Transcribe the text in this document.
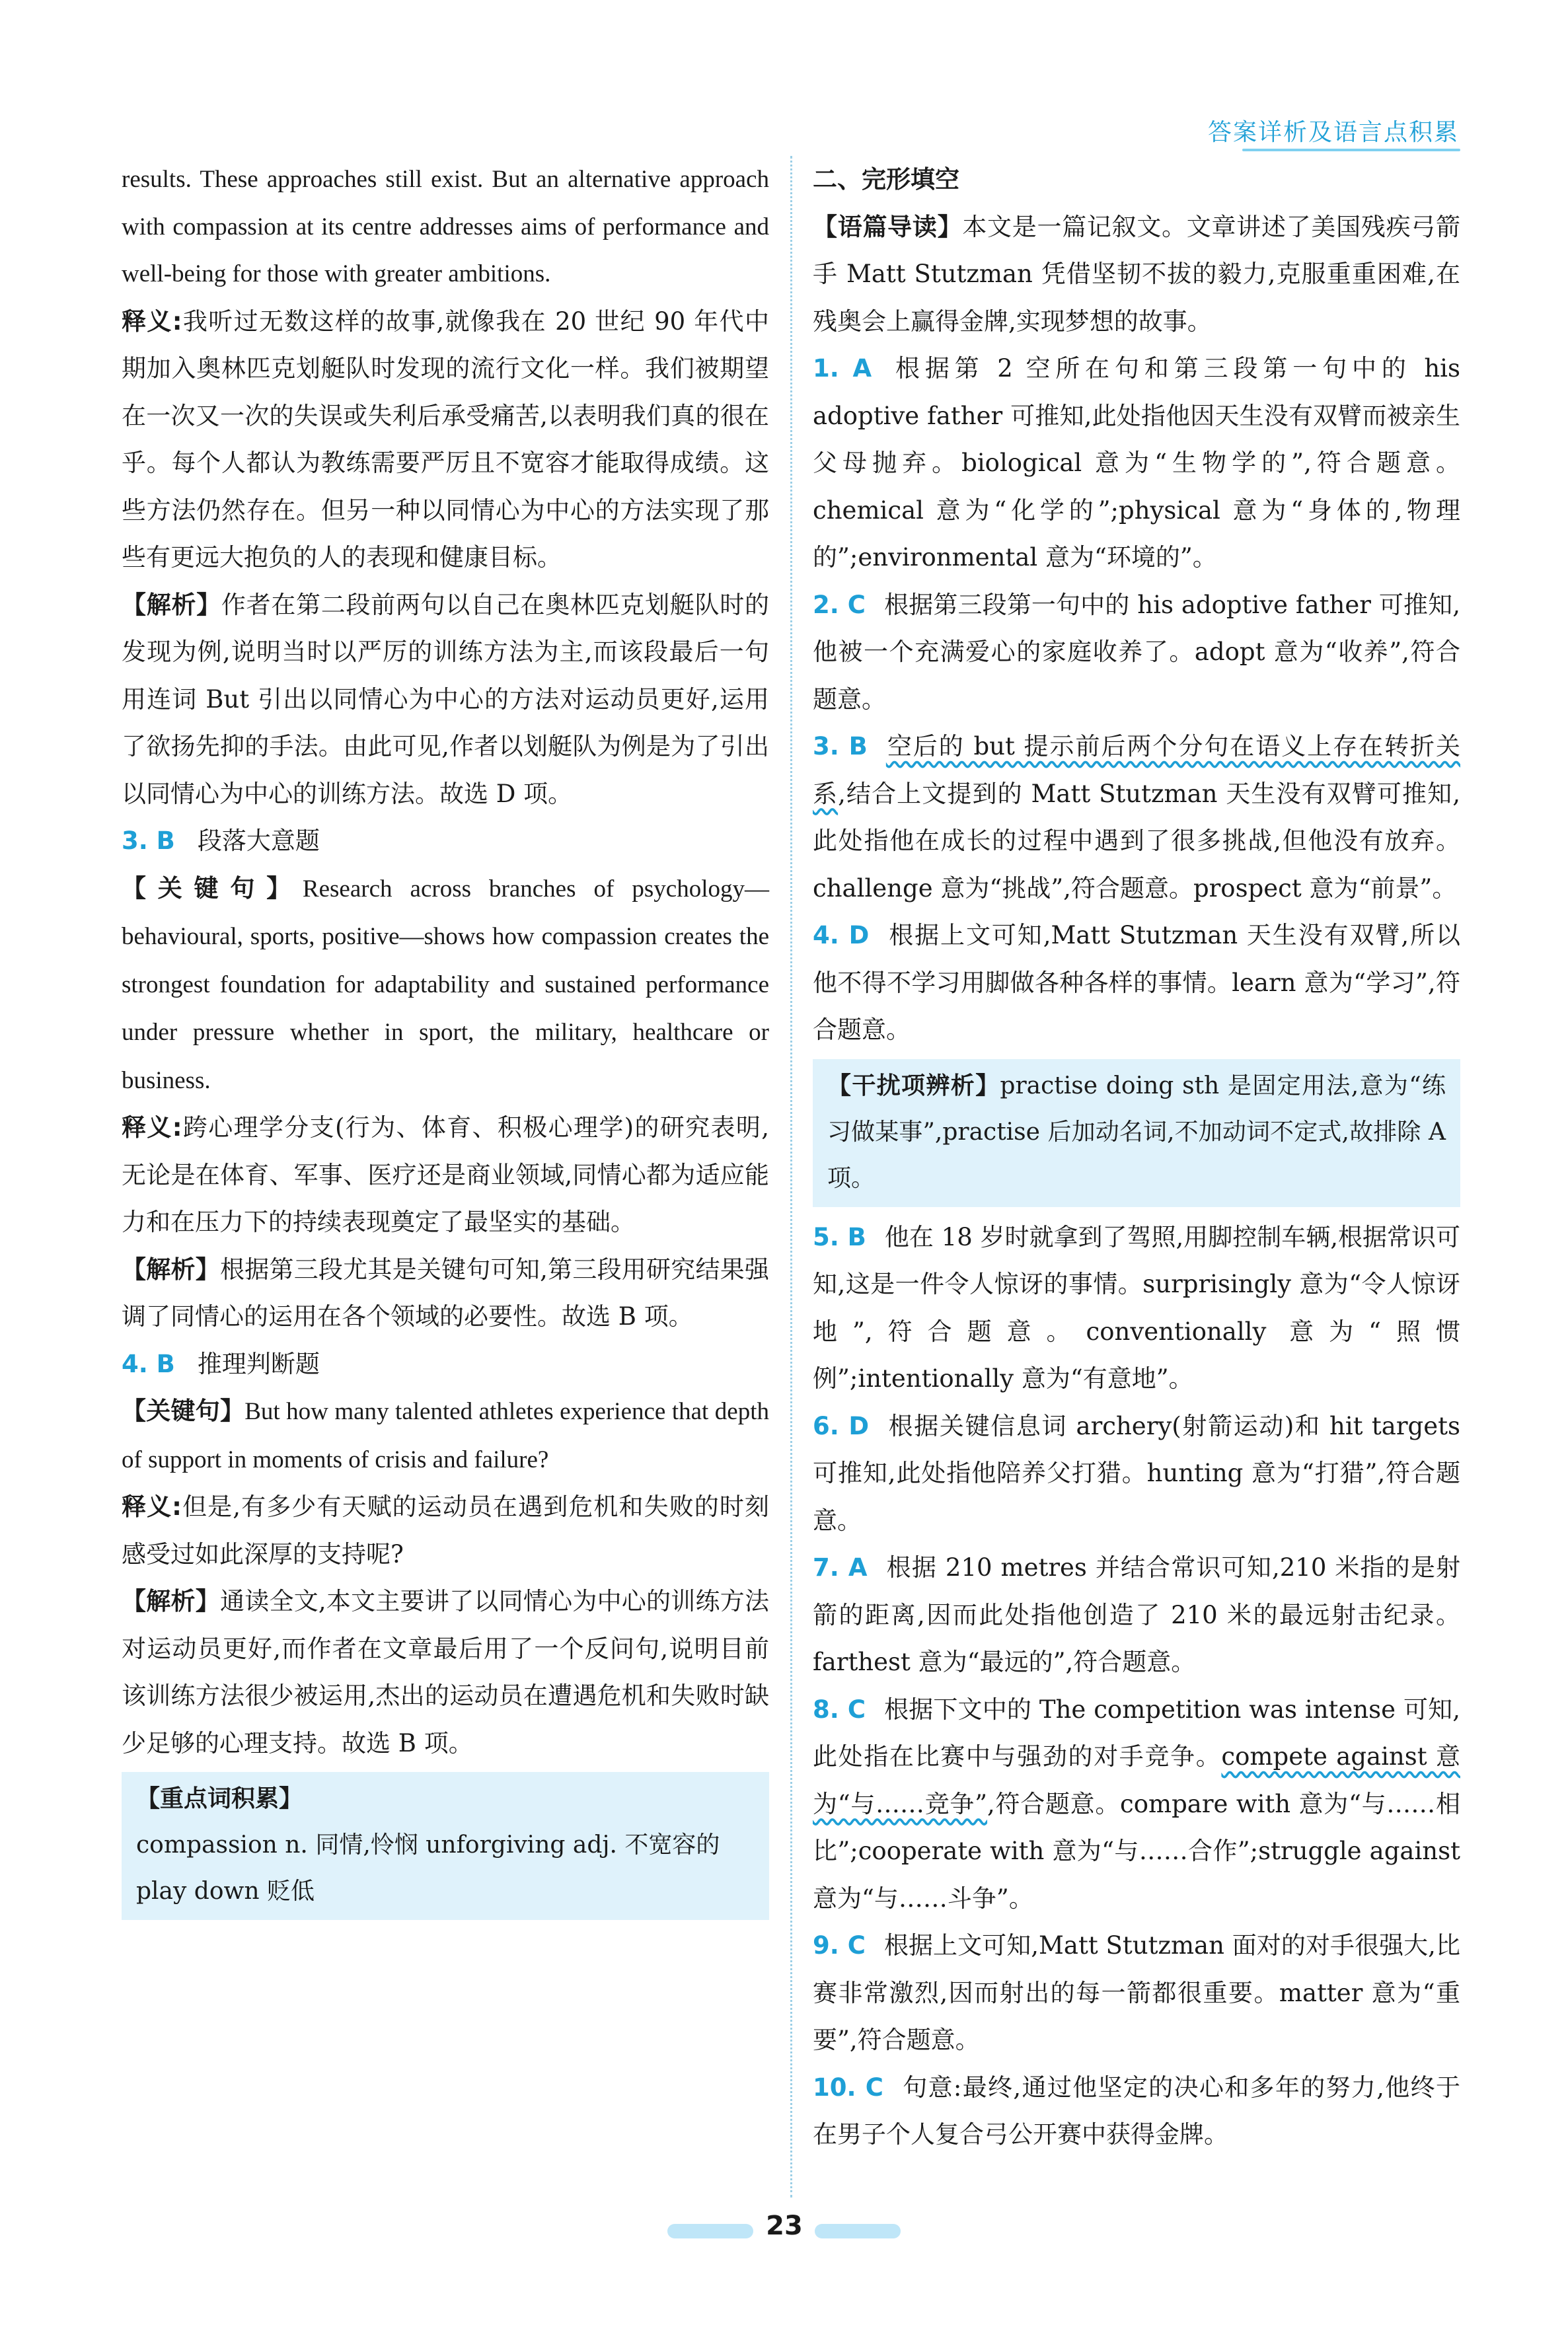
答案详析及语言点积累

results. These approaches still exist. But an alternative approach with compassion at its centre addresses aims of performance and well-being for those with greater ambitions.

释义:我听过无数这样的故事,就像我在 20 世纪 90 年代中期加入奥林匹克划艇队时发现的流行文化一样。我们被期望在一次又一次的失误或失利后承受痛苦,以表明我们真的很在乎。每个人都认为教练需要严厉且不宽容才能取得成绩。这些方法仍然存在。但另一种以同情心为中心的方法实现了那些有更远大抱负的人的表现和健康目标。

【解析】作者在第二段前两句以自己在奥林匹克划艇队时的发现为例,说明当时以严厉的训练方法为主,而该段最后一句用连词 But 引出以同情心为中心的方法对运动员更好,运用了欲扬先抑的手法。由此可见,作者以划艇队为例是为了引出以同情心为中心的训练方法。故选 D 项。

3. B 段落大意题

【关键句】Research across branches of psychology—behavioural, sports, positive—shows how compassion creates the strongest foundation for adaptability and sustained performance under pressure whether in sport, the military, healthcare or business.

释义:跨心理学分支(行为、体育、积极心理学)的研究表明,无论是在体育、军事、医疗还是商业领域,同情心都为适应能力和在压力下的持续表现奠定了最坚实的基础。

【解析】根据第三段尤其是关键句可知,第三段用研究结果强调了同情心的运用在各个领域的必要性。故选 B 项。

4. B 推理判断题

【关键句】But how many talented athletes experience that depth of support in moments of crisis and failure?

释义:但是,有多少有天赋的运动员在遇到危机和失败的时刻感受过如此深厚的支持呢?

【解析】通读全文,本文主要讲了以同情心为中心的训练方法对运动员更好,而作者在文章最后用了一个反问句,说明目前该训练方法很少被运用,杰出的运动员在遭遇危机和失败时缺少足够的心理支持。故选 B 项。

【重点词积累】

compassion n. 同情,怜悯 unforgiving adj. 不宽容的

play down 贬低

二、完形填空

【语篇导读】本文是一篇记叙文。文章讲述了美国残疾弓箭手 Matt Stutzman 凭借坚韧不拔的毅力,克服重重困难,在残奥会上赢得金牌,实现梦想的故事。

1. A 根据第 2 空所在句和第三段第一句中的 his adoptive father 可推知,此处指他因天生没有双臂而被亲生父母抛弃。biological 意为“生物学的”,符合题意。chemical 意为“化学的”;physical 意为“身体的,物理的”;environmental 意为“环境的”。

2. C 根据第三段第一句中的 his adoptive father 可推知,他被一个充满爱心的家庭收养了。adopt 意为“收养”,符合题意。

3. B 空后的 but 提示前后两个分句在语义上存在转折关系,结合上文提到的 Matt Stutzman 天生没有双臂可推知,此处指他在成长的过程中遇到了很多挑战,但他没有放弃。challenge 意为“挑战”,符合题意。prospect 意为“前景”。

4. D 根据上文可知,Matt Stutzman 天生没有双臂,所以他不得不学习用脚做各种各样的事情。learn 意为“学习”,符合题意。

【干扰项辨析】practise doing sth 是固定用法,意为“练习做某事”,practise 后加动名词,不加动词不定式,故排除 A 项。

5. B 他在 18 岁时就拿到了驾照,用脚控制车辆,根据常识可知,这是一件令人惊讶的事情。surprisingly 意为“令人惊讶地”,符合题意。conventionally 意为“照惯例”;intentionally 意为“有意地”。

6. D 根据关键信息词 archery(射箭运动)和 hit targets 可推知,此处指他陪养父打猎。hunting 意为“打猎”,符合题意。

7. A 根据 210 metres 并结合常识可知,210 米指的是射箭的距离,因而此处指他创造了 210 米的最远射击纪录。farthest 意为“最远的”,符合题意。

8. C 根据下文中的 The competition was intense 可知,此处指在比赛中与强劲的对手竞争。compete against 意为“与……竞争”,符合题意。compare with 意为“与……相比”;cooperate with 意为“与……合作”;struggle against 意为“与……斗争”。

9. C 根据上文可知,Matt Stutzman 面对的对手很强大,比赛非常激烈,因而射出的每一箭都很重要。matter 意为“重要”,符合题意。

10. C 句意:最终,通过他坚定的决心和多年的努力,他终于在男子个人复合弓公开赛中获得金牌。

23
